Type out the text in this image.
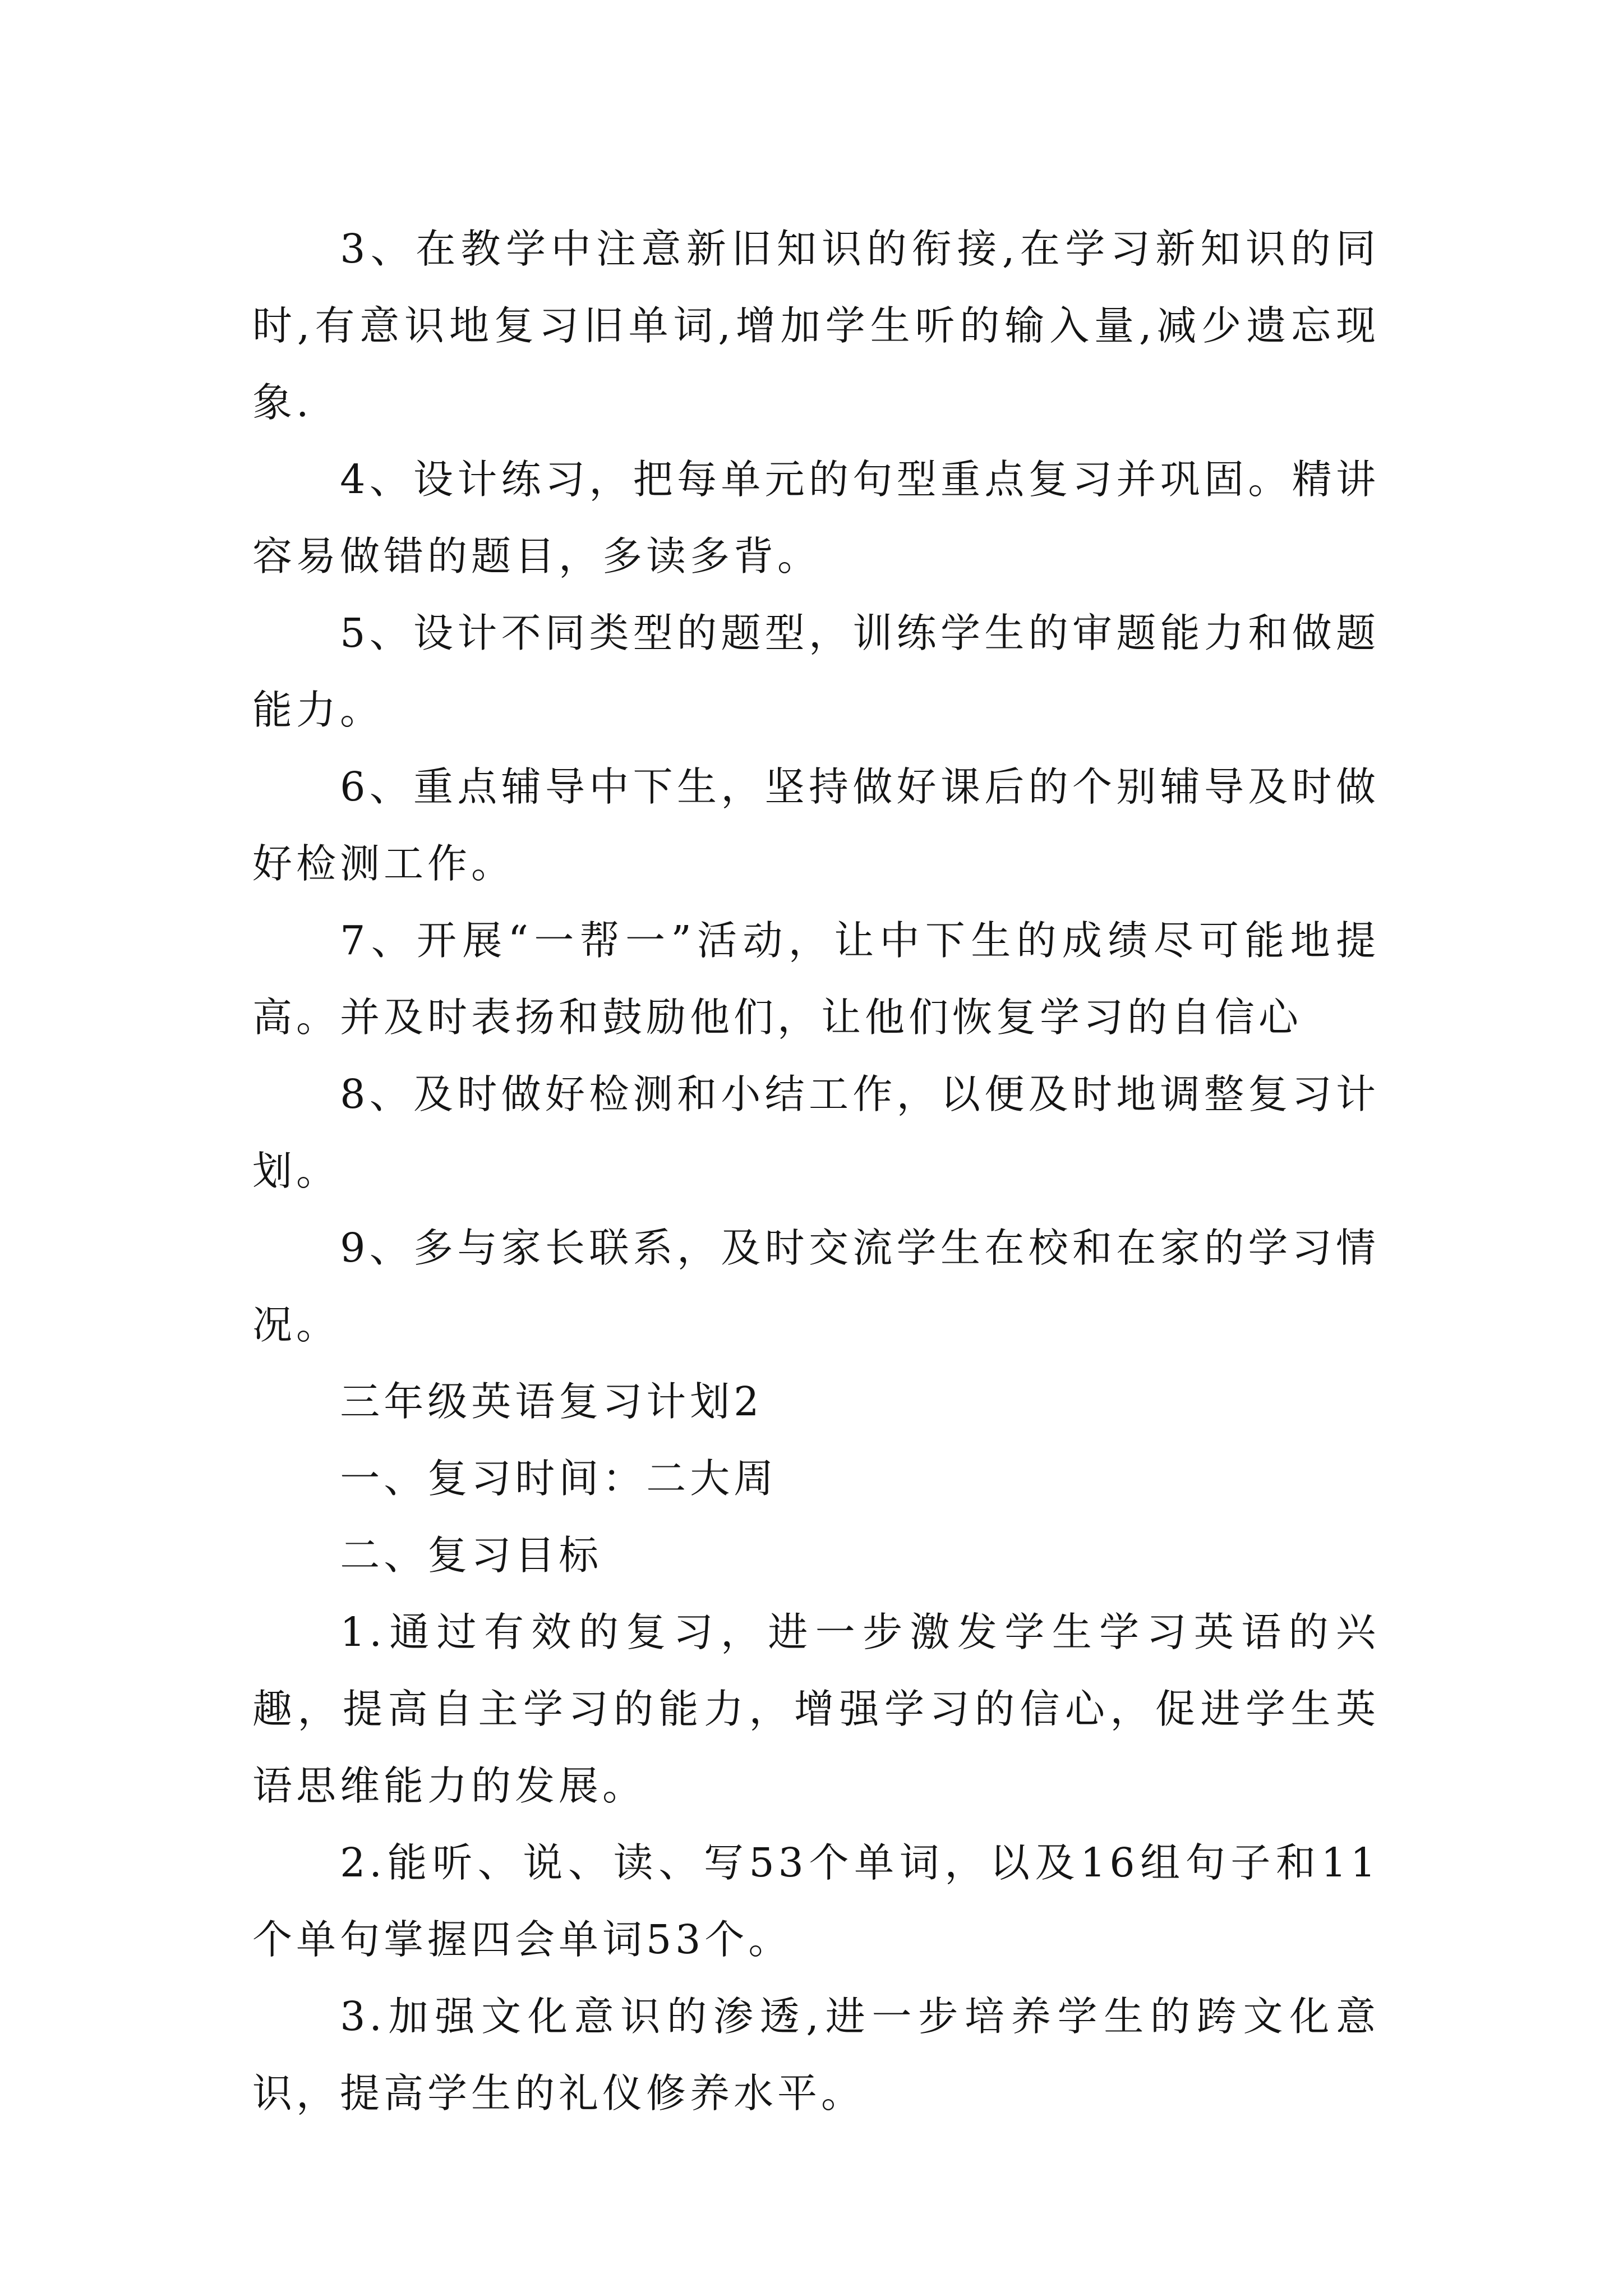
3、在教学中注意新旧知识的衔接,在学习新知识的同时,有意识地复习旧单词,增加学生听的输入量,减少遗忘现象.

4、设计练习，把每单元的句型重点复习并巩固。精讲容易做错的题目，多读多背。

5、设计不同类型的题型，训练学生的审题能力和做题能力。

6、重点辅导中下生，坚持做好课后的个别辅导及时做好检测工作。

7、开展“一帮一”活动，让中下生的成绩尽可能地提高。并及时表扬和鼓励他们，让他们恢复学习的自信心

8、及时做好检测和小结工作，以便及时地调整复习计划。

9、多与家长联系，及时交流学生在校和在家的学习情况。

三年级英语复习计划2

一、复习时间：二大周

二、复习目标

1.通过有效的复习，进一步激发学生学习英语的兴趣，提高自主学习的能力，增强学习的信心，促进学生英语思维能力的发展。

2.能听、说、读、写53个单词，以及16组句子和11个单句掌握四会单词53个。

3.加强文化意识的渗透,进一步培养学生的跨文化意识，提高学生的礼仪修养水平。
